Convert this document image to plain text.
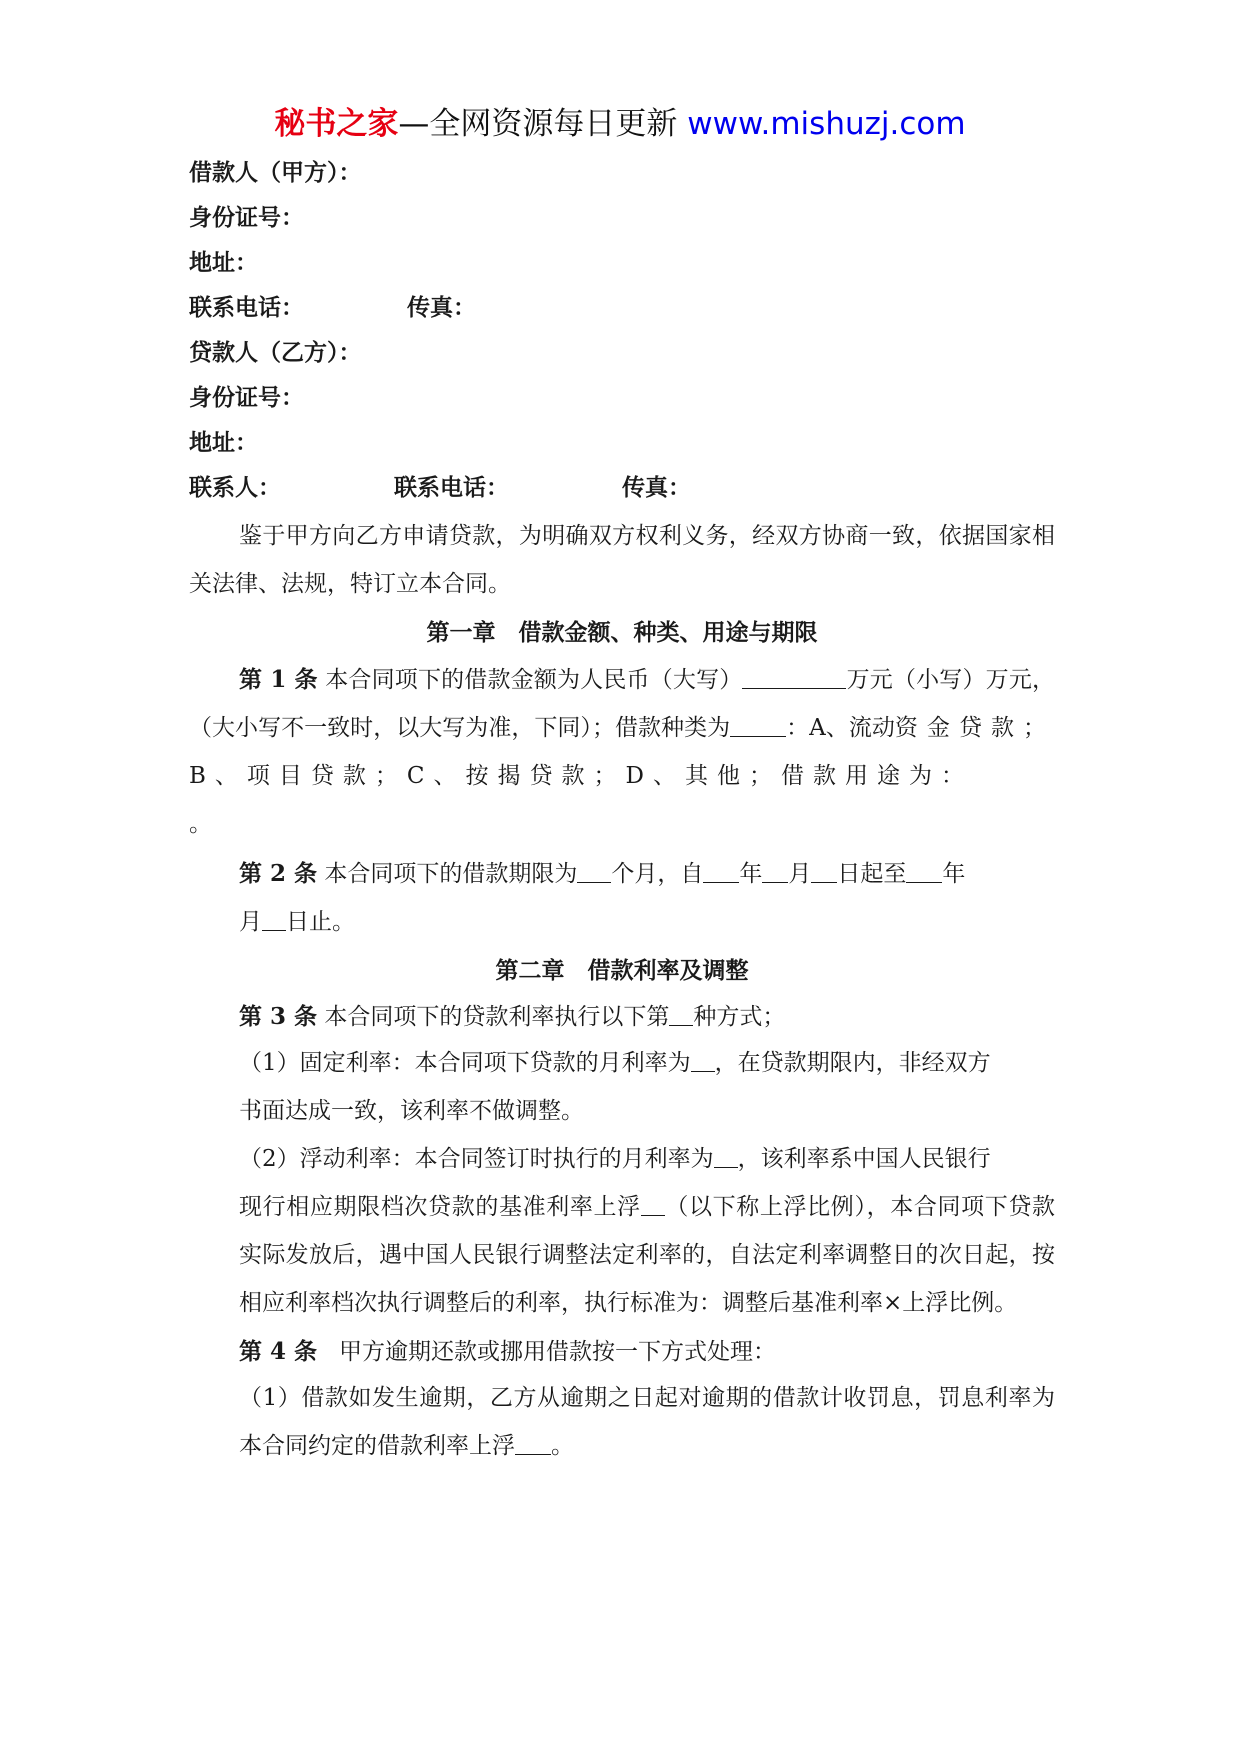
秘书之家—全网资源每日更新 www.mishuzj.com
借款人（甲方）：
身份证号：
地址：
联系电话：	传真：
贷款人（乙方）：
身份证号：
地址：
联系人：	联系电话：	传真：
鉴于甲方向乙方申请贷款，为明确双方权利义务，经双方协商一致，依据国家相关法律、法规，特订立本合同。
第一章　借款金额、种类、用途与期限
第 1 条 本合同项下的借款金额为人民币（大写）	万元（小写）万元，（大小写不一致时，以大写为准，下同）；借款种类为 ：A、流动资金贷款；B、项目贷款；C、按揭贷款；D、其他；借款用途为：
。
第 2 条 本合同项下的借款期限为 个月，自 年 月 日起至 年
月 日止。
第二章　借款利率及调整
第 3 条 本合同项下的贷款利率执行以下第 种方式；
（1）固定利率：本合同项下贷款的月利率为 ，在贷款期限内，非经双方
书面达成一致，该利率不做调整。
（2）浮动利率：本合同签订时执行的月利率为 ，该利率系中国人民银行
现行相应期限档次贷款的基准利率上浮 （以下称上浮比例），本合同项下贷款实际发放后，遇中国人民银行调整法定利率的，自法定利率调整日的次日起，按相应利率档次执行调整后的利率，执行标准为：调整后基准利率×上浮比例。
第 4 条 甲方逾期还款或挪用借款按一下方式处理：
（1）借款如发生逾期，乙方从逾期之日起对逾期的借款计收罚息，罚息利率为本合同约定的借款利率上浮 。
